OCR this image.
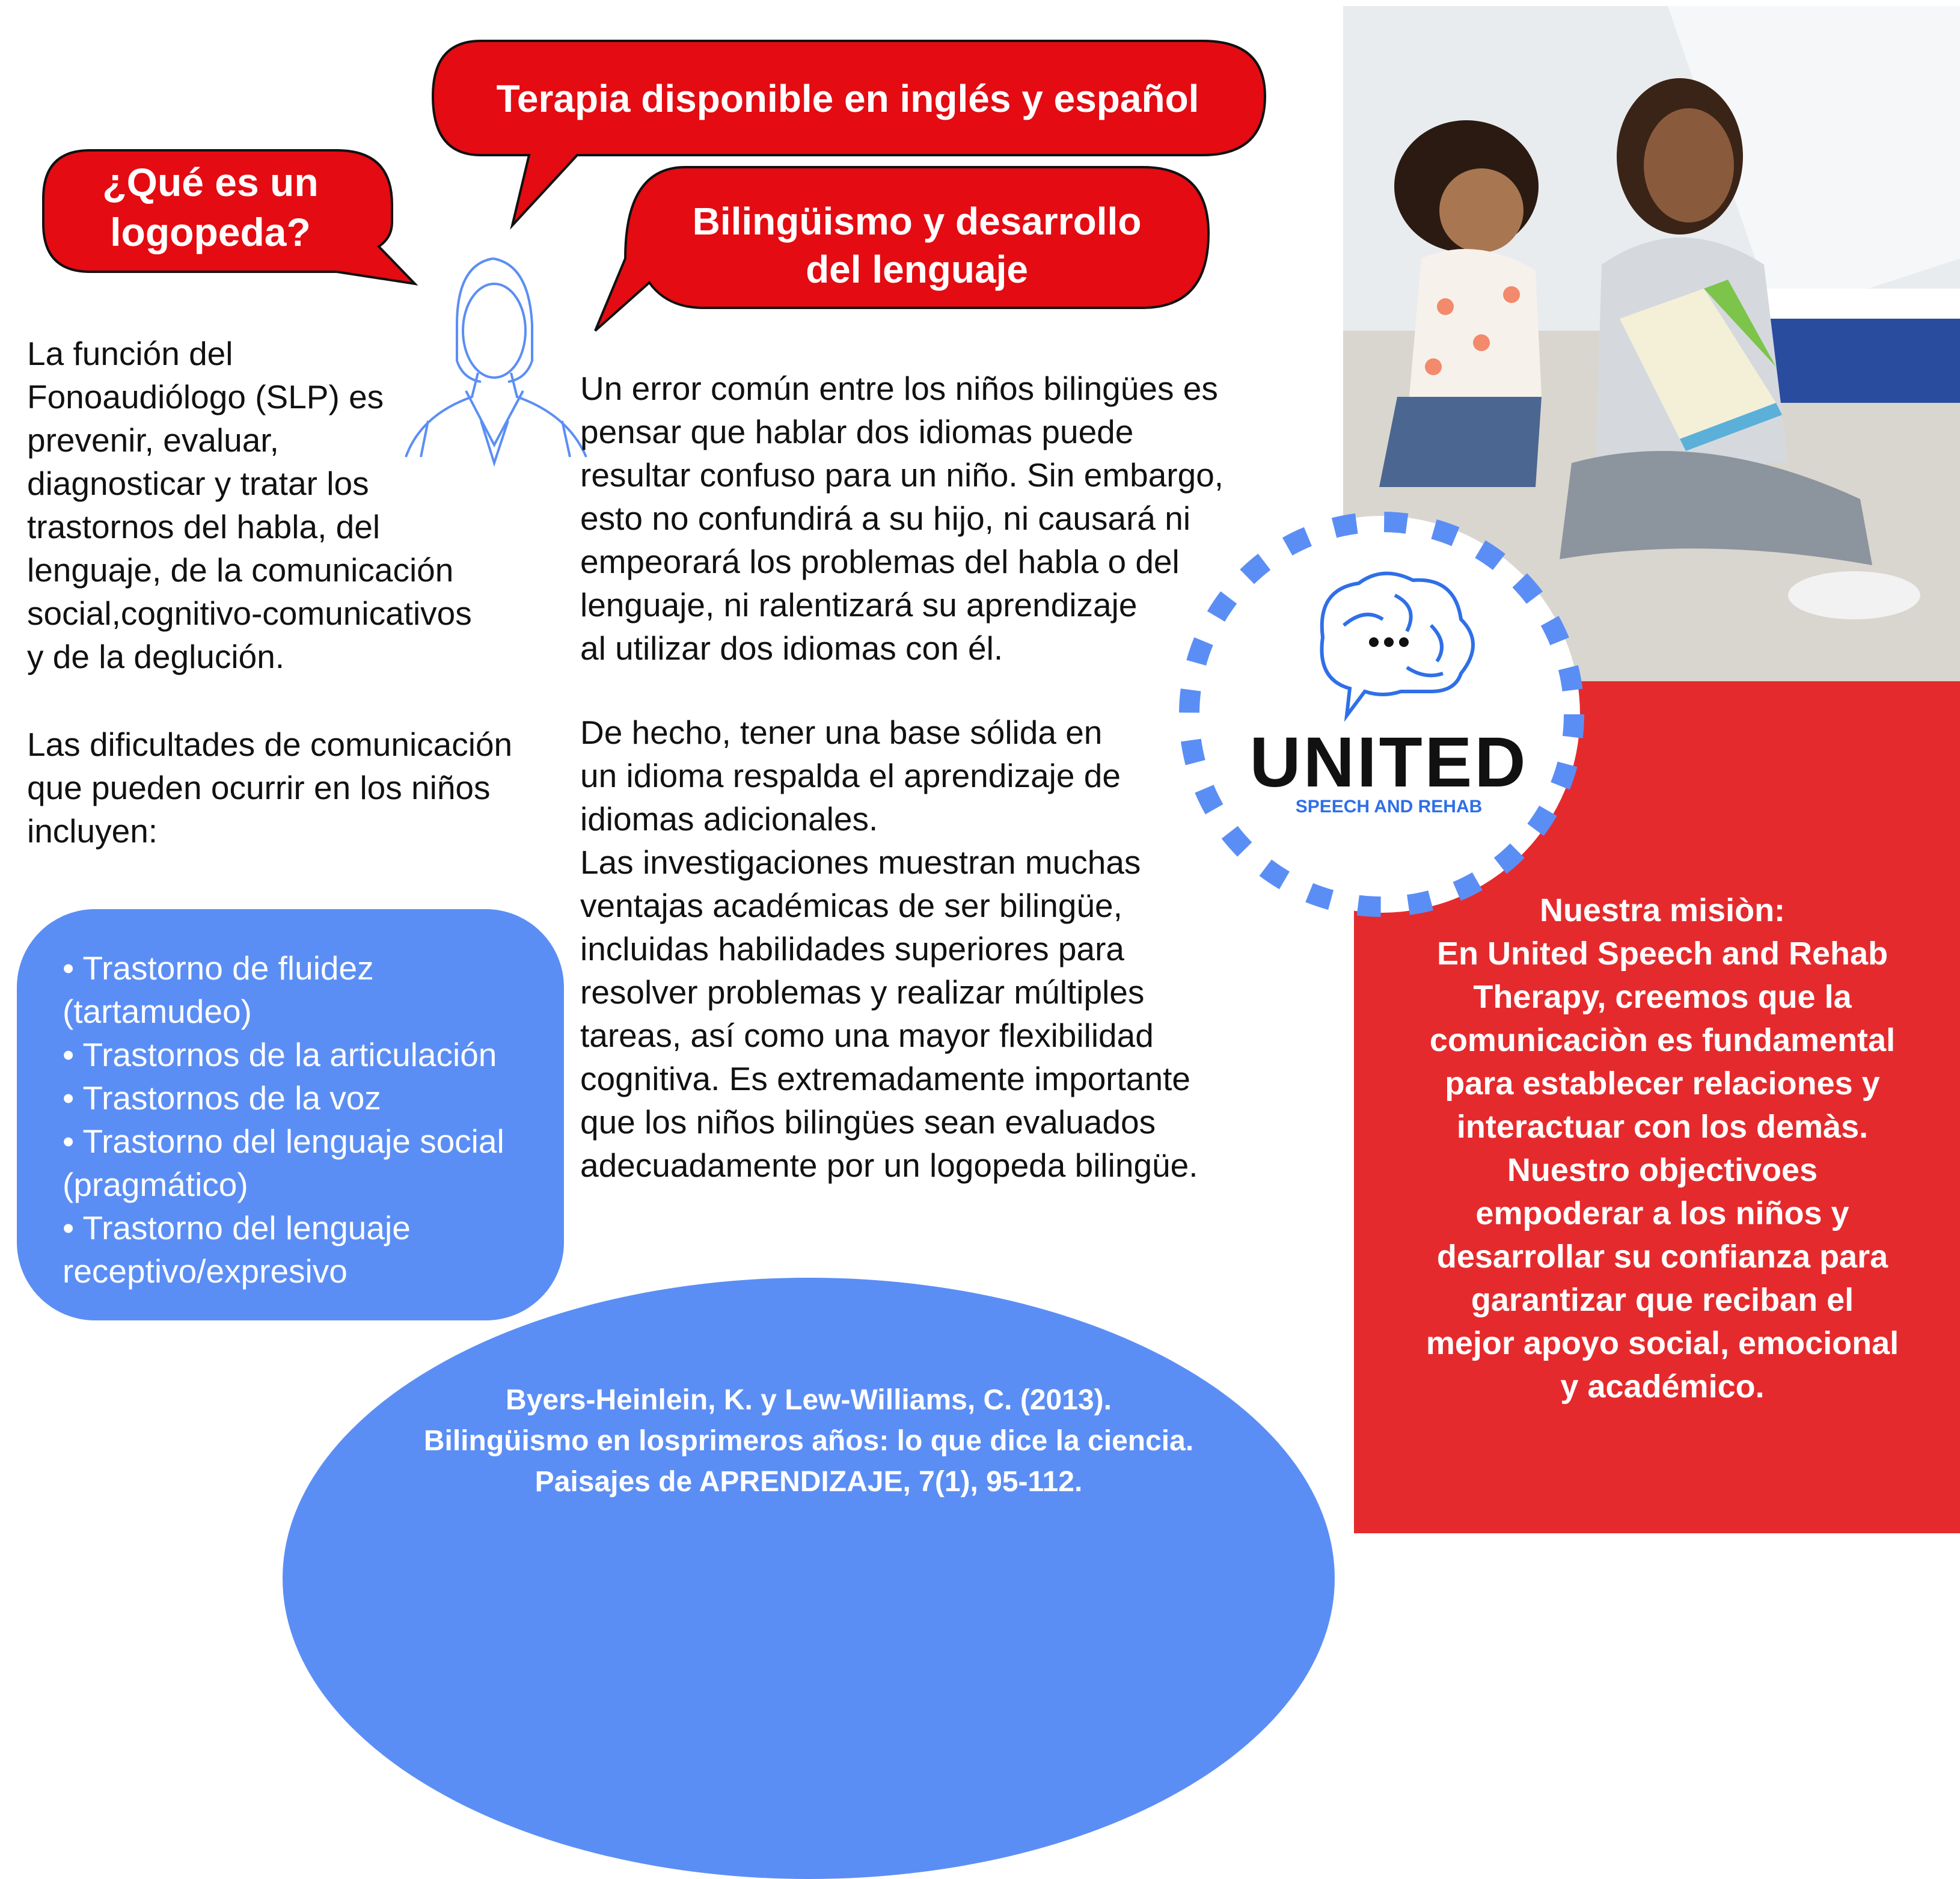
¿Qué es un
logopeda?
Terapia disponible en inglés y español
Bilingüismo y desarrollo
del lenguaje
La función del
Fonoaudiólogo (SLP) es
prevenir, evaluar,
diagnosticar y tratar los
trastornos del habla, del
lenguaje, de la comunicación
social,cognitivo-comunicativos
y de la deglución.
Las dificultades de comunicación
que pueden ocurrir en los niños
incluyen:
• Trastorno de fluidez
(tartamudeo)
• Trastornos de la articulación
• Trastornos de la voz
• Trastorno del lenguaje social
(pragmático)
• Trastorno del lenguaje
receptivo/expresivo
Un error común entre los niños bilingües es
pensar que hablar dos idiomas puede
resultar confuso para un niño. Sin embargo,
esto no confundirá a su hijo, ni causará ni
empeorará los problemas del habla o del
lenguaje, ni ralentizará su aprendizaje
al utilizar dos idiomas con él.
De hecho, tener una base sólida en
un idioma respalda el aprendizaje de
idiomas adicionales.
Las investigaciones muestran muchas
ventajas académicas de ser bilingüe,
incluidas habilidades superiores para
resolver problemas y realizar múltiples
tareas, así como una mayor flexibilidad
cognitiva. Es extremadamente importante
que los niños bilingües sean evaluados
adecuadamente por un logopeda bilingüe.
UNITED
SPEECH AND REHAB
Nuestra misiòn:
En United Speech and Rehab
Therapy, creemos que la
comunicaciòn es fundamental
para establecer relaciones y
interactuar con los demàs.
Nuestro objectivoes
empoderar a los niños y
desarrollar su confianza para
garantizar que reciban el
mejor apoyo social, emocional
y académico.
Byers-Heinlein, K. y Lew-Williams, C. (2013).
Bilingüismo en losprimeros años: lo que dice la ciencia.
Paisajes de APRENDIZAJE, 7(1), 95-112.
